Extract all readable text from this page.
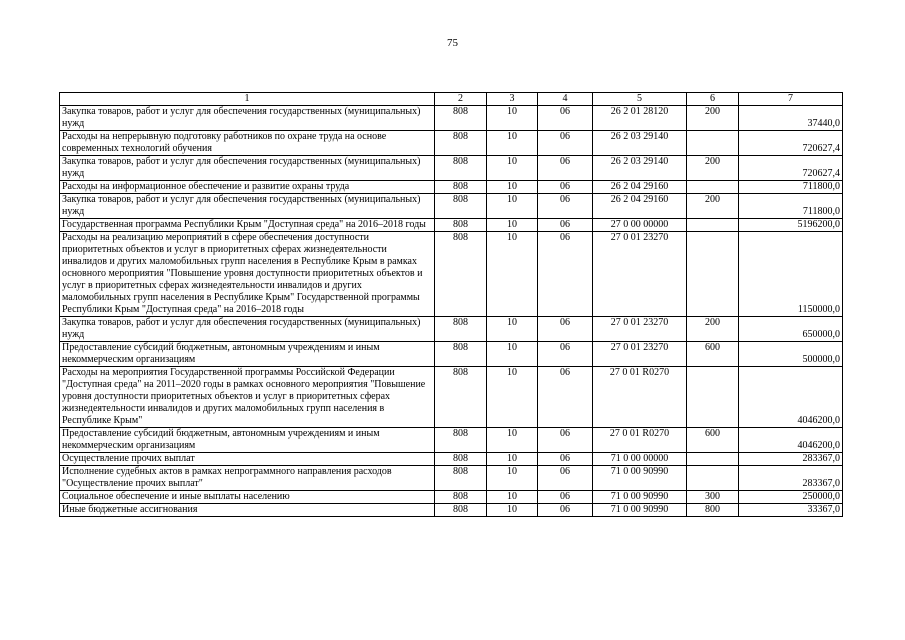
75
1	2	3	4	5	6	7
Закупка товаров, работ и услуг для обеспечения государственных (муниципальных) нужд	808	10	06	26 2 01 28120	200	37440,0
Расходы на непрерывную подготовку работников по охране труда на основе современных технологий обучения	808	10	06	26 2 03 29140		720627,4
Закупка товаров, работ и услуг для обеспечения государственных (муниципальных) нужд	808	10	06	26 2 03 29140	200	720627,4
Расходы на информационное обеспечение и развитие охраны труда	808	10	06	26 2 04 29160		711800,0
Закупка товаров, работ и услуг для обеспечения государственных (муниципальных) нужд	808	10	06	26 2 04 29160	200	711800,0
Государственная программа Республики Крым "Доступная среда" на 2016–2018 годы	808	10	06	27 0 00 00000		5196200,0
Расходы на реализацию мероприятий в сфере обеспечения доступности приоритетных объектов и услуг в приоритетных сферах жизнедеятельности инвалидов и других маломобильных групп населения в Республике Крым в рамках основного мероприятия "Повышение уровня доступности приоритетных объектов и услуг в приоритетных сферах жизнедеятельности инвалидов и других маломобильных групп населения в Республике Крым" Государственной программы Республики Крым "Доступная среда" на 2016–2018 годы	808	10	06	27 0 01 23270		1150000,0
Закупка товаров, работ и услуг для обеспечения государственных (муниципальных) нужд	808	10	06	27 0 01 23270	200	650000,0
Предоставление субсидий бюджетным, автономным учреждениям и иным некоммерческим организациям	808	10	06	27 0 01 23270	600	500000,0
Расходы на мероприятия Государственной программы Российской Федерации "Доступная среда" на 2011–2020 годы в рамках основного мероприятия "Повышение уровня доступности приоритетных объектов и услуг в приоритетных сферах жизнедеятельности инвалидов и других маломобильных групп населения в Республике Крым"	808	10	06	27 0 01 R0270		4046200,0
Предоставление субсидий бюджетным, автономным учреждениям и иным некоммерческим организациям	808	10	06	27 0 01 R0270	600	4046200,0
Осуществление прочих выплат	808	10	06	71 0 00 00000		283367,0
Исполнение судебных актов в рамках непрограммного направления расходов "Осуществление прочих выплат"	808	10	06	71 0 00 90990		283367,0
Социальное обеспечение и иные выплаты населению	808	10	06	71 0 00 90990	300	250000,0
Иные бюджетные ассигнования	808	10	06	71 0 00 90990	800	33367,0
